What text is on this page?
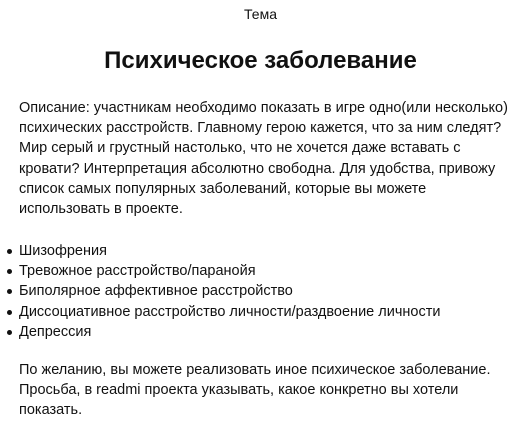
Тема
Психическое заболевание

Описание: участникам необходимо показать в игре одно(или несколько) психических расстройств. Главному герою кажется, что за ним следят? Мир серый и грустный настолько, что не хочется даже вставать с кровати? Интерпретация абсолютно свободна. Для удобства, привожу список самых популярных заболеваний, которые вы можете использовать в проекте.

Шизофрения
Тревожное расстройство/паранойя
Биполярное аффективное расстройство
Диссоциативное расстройство личности/раздвоение личности
Депрессия

По желанию, вы можете реализовать иное психическое заболевание. Просьба, в readmi проекта указывать, какое конкретно вы хотели показать.
